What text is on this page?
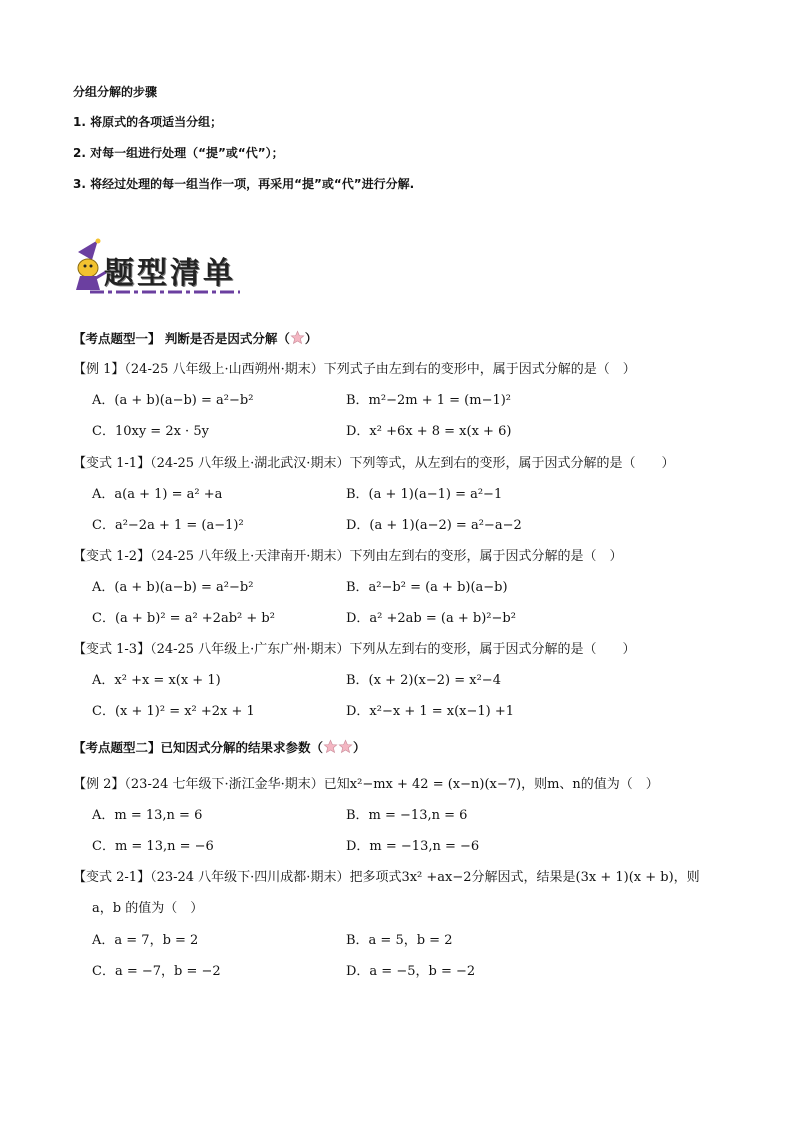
分组分解的步骤
1. 将原式的各项适当分组；
2. 对每一组进行处理（“提”或“代”）；
3. 将经过处理的每一组当作一项，再采用“提”或“代”进行分解.
题型清单
【考点题型一】 判断是否是因式分解（ ）
【例 1】（24-25 八年级上·山西朔州·期末）下列式子由左到右的变形中，属于因式分解的是（　）
A．(a + b)(a−b) = a²−b²	B．m²−2m + 1 = (m−1)²
C．10xy = 2x · 5y	D．x² +6x + 8 = x(x + 6)
【变式 1-1】（24-25 八年级上·湖北武汉·期末）下列等式，从左到右的变形，属于因式分解的是（　　）
A．a(a + 1) = a² +a	B．(a + 1)(a−1) = a²−1
C．a²−2a + 1 = (a−1)²	D．(a + 1)(a−2) = a²−a−2
【变式 1-2】（24-25 八年级上·天津南开·期末）下列由左到右的变形，属于因式分解的是（　）
A．(a + b)(a−b) = a²−b²	B．a²−b² = (a + b)(a−b)
C．(a + b)² = a² +2ab² + b²	D．a² +2ab = (a + b)²−b²
【变式 1-3】（24-25 八年级上·广东广州·期末）下列从左到右的变形，属于因式分解的是（　　）
A．x² +x = x(x + 1)	B．(x + 2)(x−2) = x²−4
C．(x + 1)² = x² +2x + 1	D．x²−x + 1 = x(x−1) +1
【考点题型二】已知因式分解的结果求参数（ ）
【例 2】（23-24 七年级下·浙江金华·期末）已知x²−mx + 42 = (x−n)(x−7)，则m、n的值为（　）
A．m = 13,n = 6	B．m = −13,n = 6
C．m = 13,n = −6	D．m = −13,n = −6
【变式 2-1】（23-24 八年级下·四川成都·期末）把多项式3x² +ax−2分解因式，结果是(3x + 1)(x + b)，则
a，b 的值为（　）
A．a = 7，b = 2	B．a = 5，b = 2
C．a = −7，b = −2	D．a = −5，b = −2
